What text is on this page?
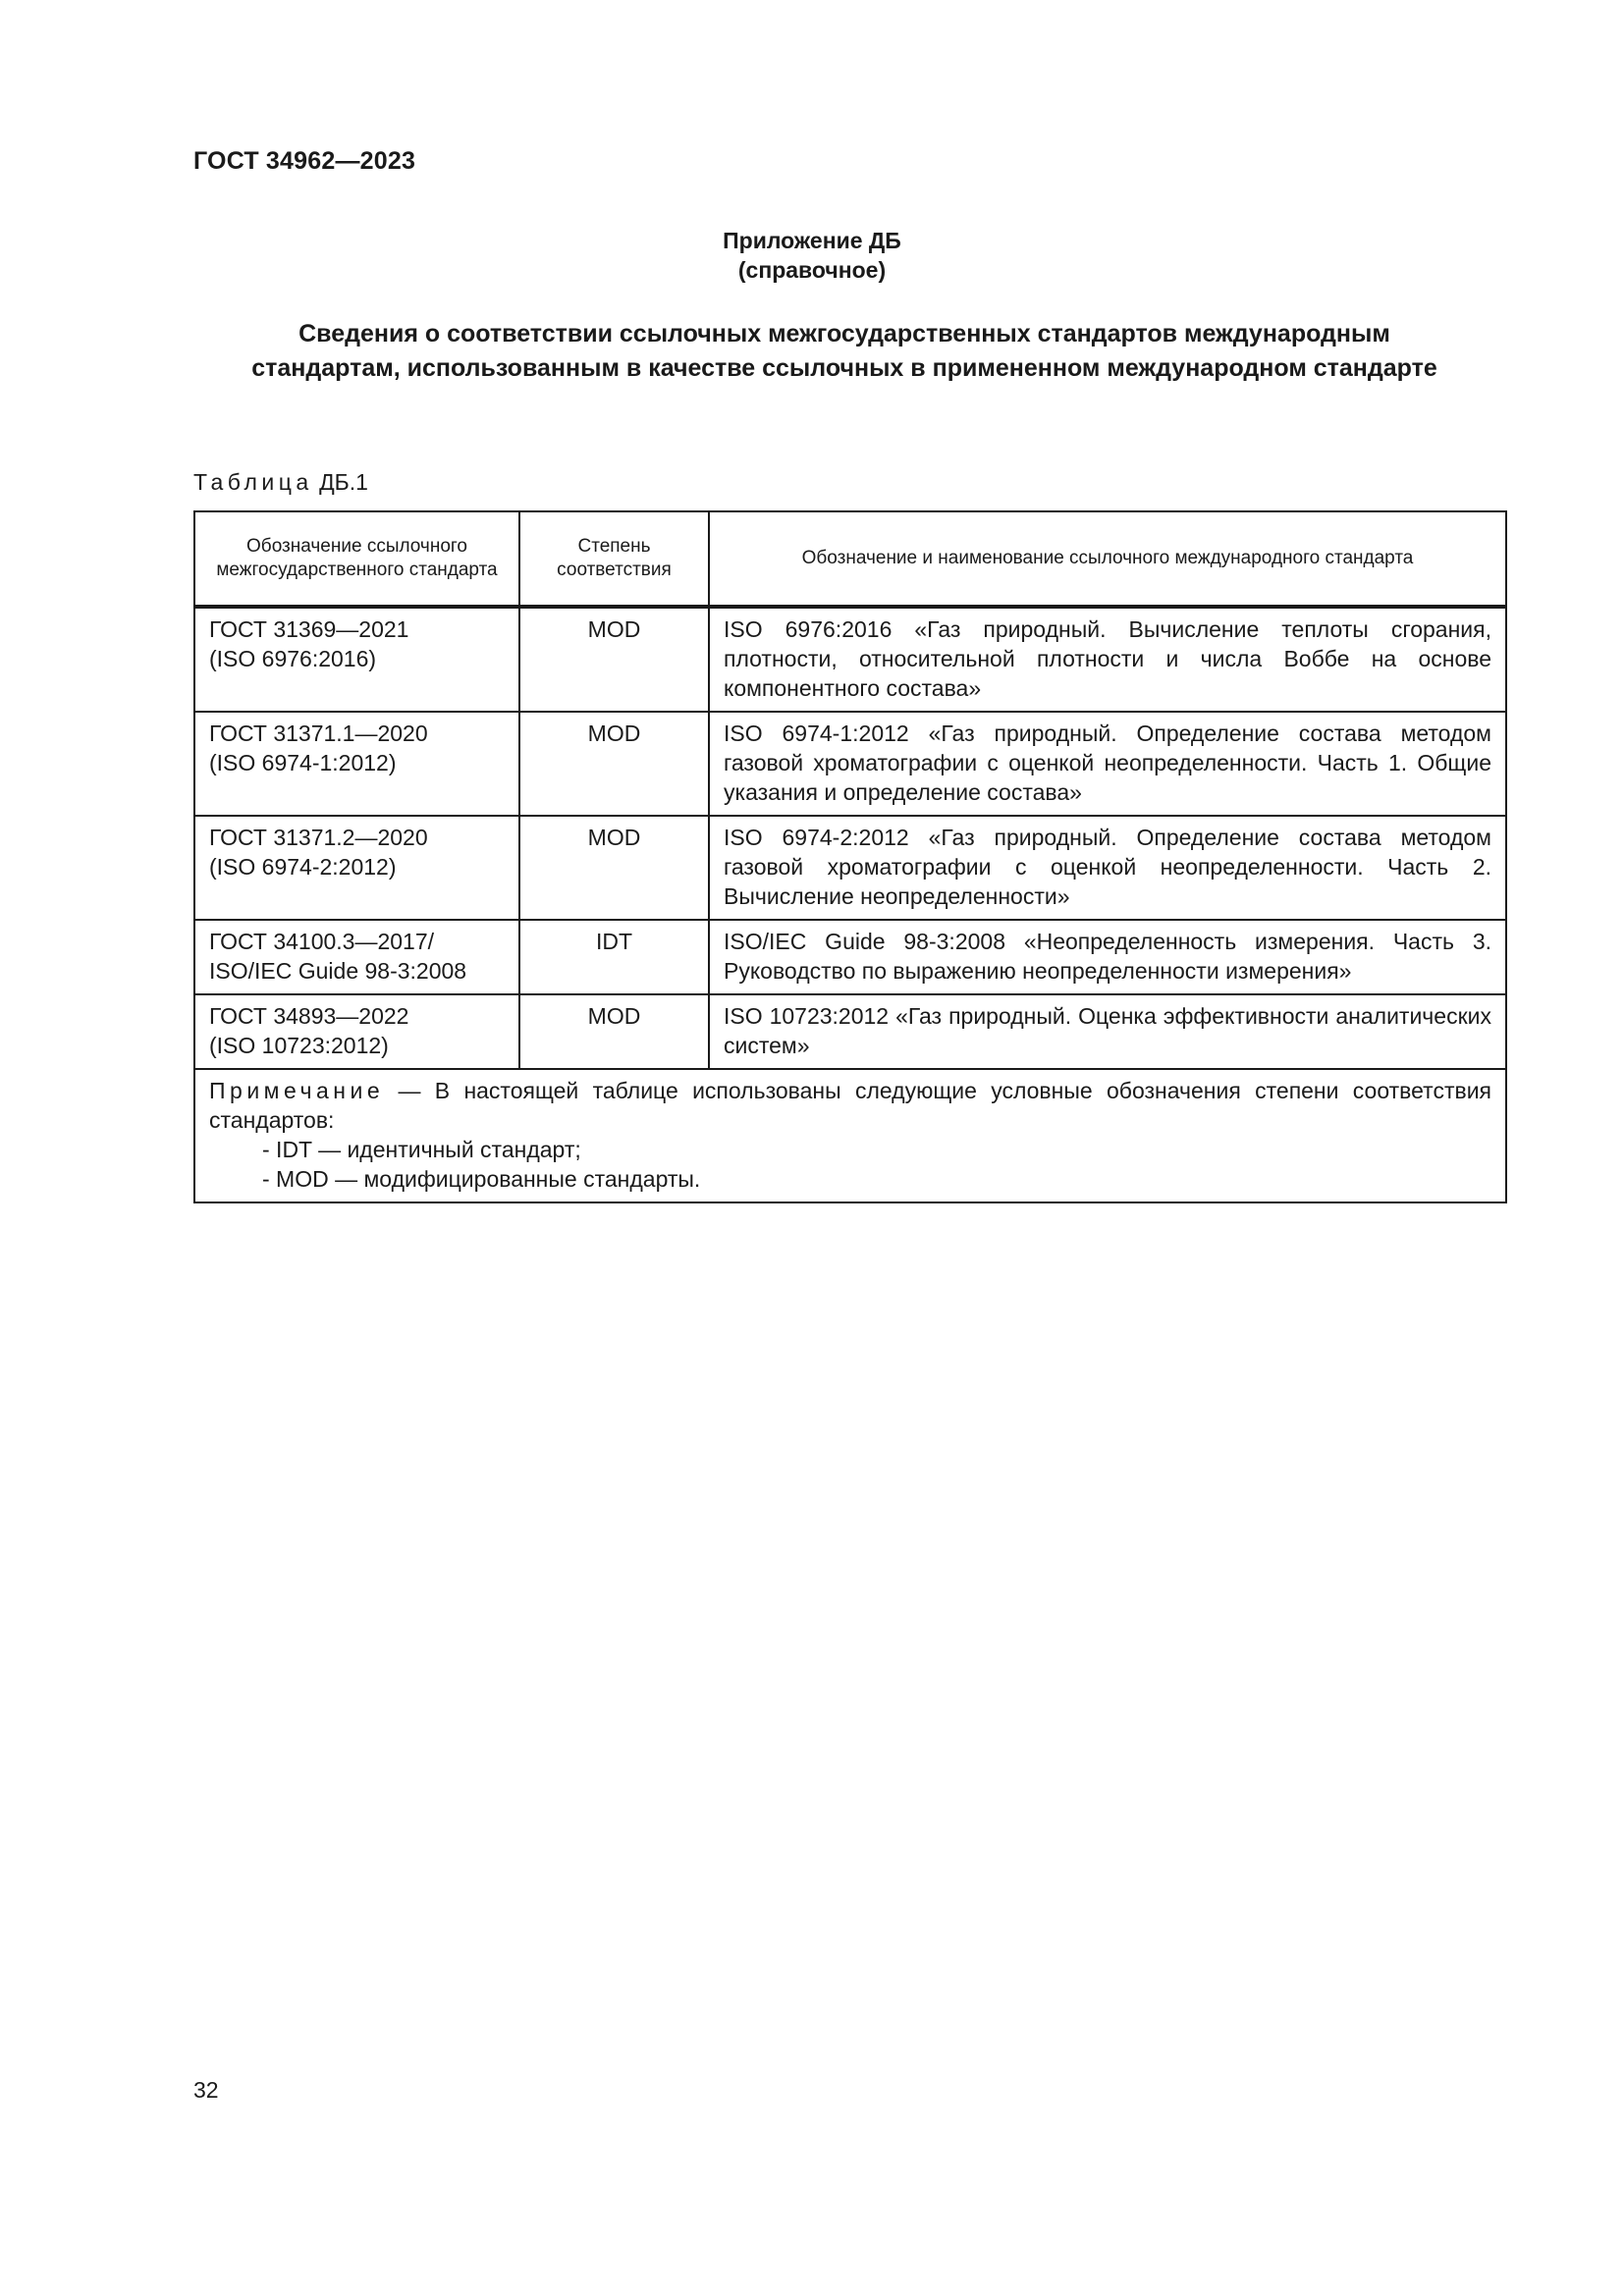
ГОСТ 34962—2023
Приложение ДБ
(справочное)
Сведения о соответствии ссылочных межгосударственных стандартов международным стандартам, использованным в качестве ссылочных в примененном международном стандарте
Таблица ДБ.1
Обозначение ссылочного межгосударственного стандарта	Степень соответствия	Обозначение и наименование ссылочного международного стандарта

ГОСТ 31369—2021
(ISO 6976:2016)	MOD	ISO 6976:2016 «Газ природный. Вычисление теплоты сгорания, плотности, относительной плотности и числа Воббе на основе компонентного состава»

ГОСТ 31371.1—2020
(ISO 6974-1:2012)	MOD	ISO 6974-1:2012 «Газ природный. Определение состава методом газовой хроматографии с оценкой неопределенности. Часть 1. Общие указания и определение состава»

ГОСТ 31371.2—2020
(ISO 6974-2:2012)	MOD	ISO 6974-2:2012 «Газ природный. Определение состава методом газовой хроматографии с оценкой неопределенности. Часть 2. Вычисление неопределенности»

ГОСТ 34100.3—2017/
ISO/IEC Guide 98-3:2008	IDT	ISO/IEC Guide 98-3:2008 «Неопределенность измерения. Часть 3. Руководство по выражению неопределенности измерения»

ГОСТ 34893—2022
(ISO 10723:2012)	MOD	ISO 10723:2012 «Газ природный. Оценка эффективности аналитических систем»
Примечание — В настоящей таблице использованы следующие условные обозначения степени соответствия стандартов:
- IDT — идентичный стандарт;
- MOD — модифицированные стандарты.		
32
